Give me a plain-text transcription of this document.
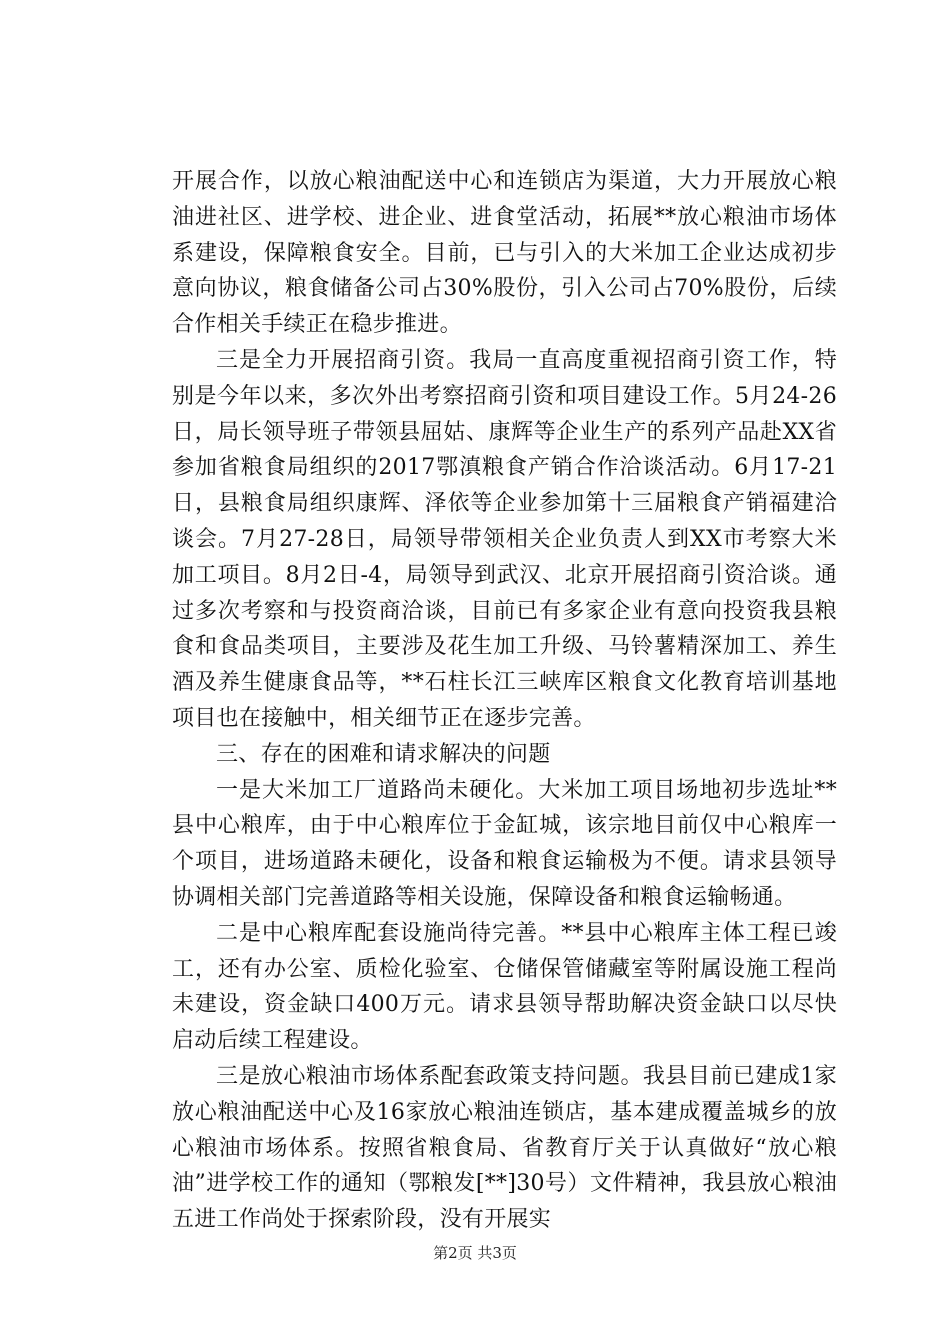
开展合作，以放心粮油配送中心和连锁店为渠道，大力开展放心粮油进社区、进学校、进企业、进食堂活动，拓展**放心粮油市场体系建设，保障粮食安全。目前，已与引入的大米加工企业达成初步意向协议，粮食储备公司占30%股份，引入公司占70%股份，后续合作相关手续正在稳步推进。

三是全力开展招商引资。我局一直高度重视招商引资工作，特别是今年以来，多次外出考察招商引资和项目建设工作。5月24-26日，局长领导班子带领县屈姑、康辉等企业生产的系列产品赴XX省参加省粮食局组织的2017鄂滇粮食产销合作洽谈活动。6月17-21日，县粮食局组织康辉、泽依等企业参加第十三届粮食产销福建洽谈会。7月27-28日，局领导带领相关企业负责人到XX市考察大米加工项目。8月2日-4，局领导到武汉、北京开展招商引资洽谈。通过多次考察和与投资商洽谈，目前已有多家企业有意向投资我县粮食和食品类项目，主要涉及花生加工升级、马铃薯精深加工、养生酒及养生健康食品等，**石柱长江三峡库区粮食文化教育培训基地项目也在接触中，相关细节正在逐步完善。

三、存在的困难和请求解决的问题

一是大米加工厂道路尚未硬化。大米加工项目场地初步选址**县中心粮库，由于中心粮库位于金缸城，该宗地目前仅中心粮库一个项目，进场道路未硬化，设备和粮食运输极为不便。请求县领导协调相关部门完善道路等相关设施，保障设备和粮食运输畅通。

二是中心粮库配套设施尚待完善。**县中心粮库主体工程已竣工，还有办公室、质检化验室、仓储保管储藏室等附属设施工程尚未建设，资金缺口400万元。请求县领导帮助解决资金缺口以尽快启动后续工程建设。

三是放心粮油市场体系配套政策支持问题。我县目前已建成1家放心粮油配送中心及16家放心粮油连锁店，基本建成覆盖城乡的放心粮油市场体系。按照省粮食局、省教育厅关于认真做好“放心粮油”进学校工作的通知（鄂粮发[**]30号）文件精神，我县放心粮油五进工作尚处于探索阶段，没有开展实

第2页 共3页
